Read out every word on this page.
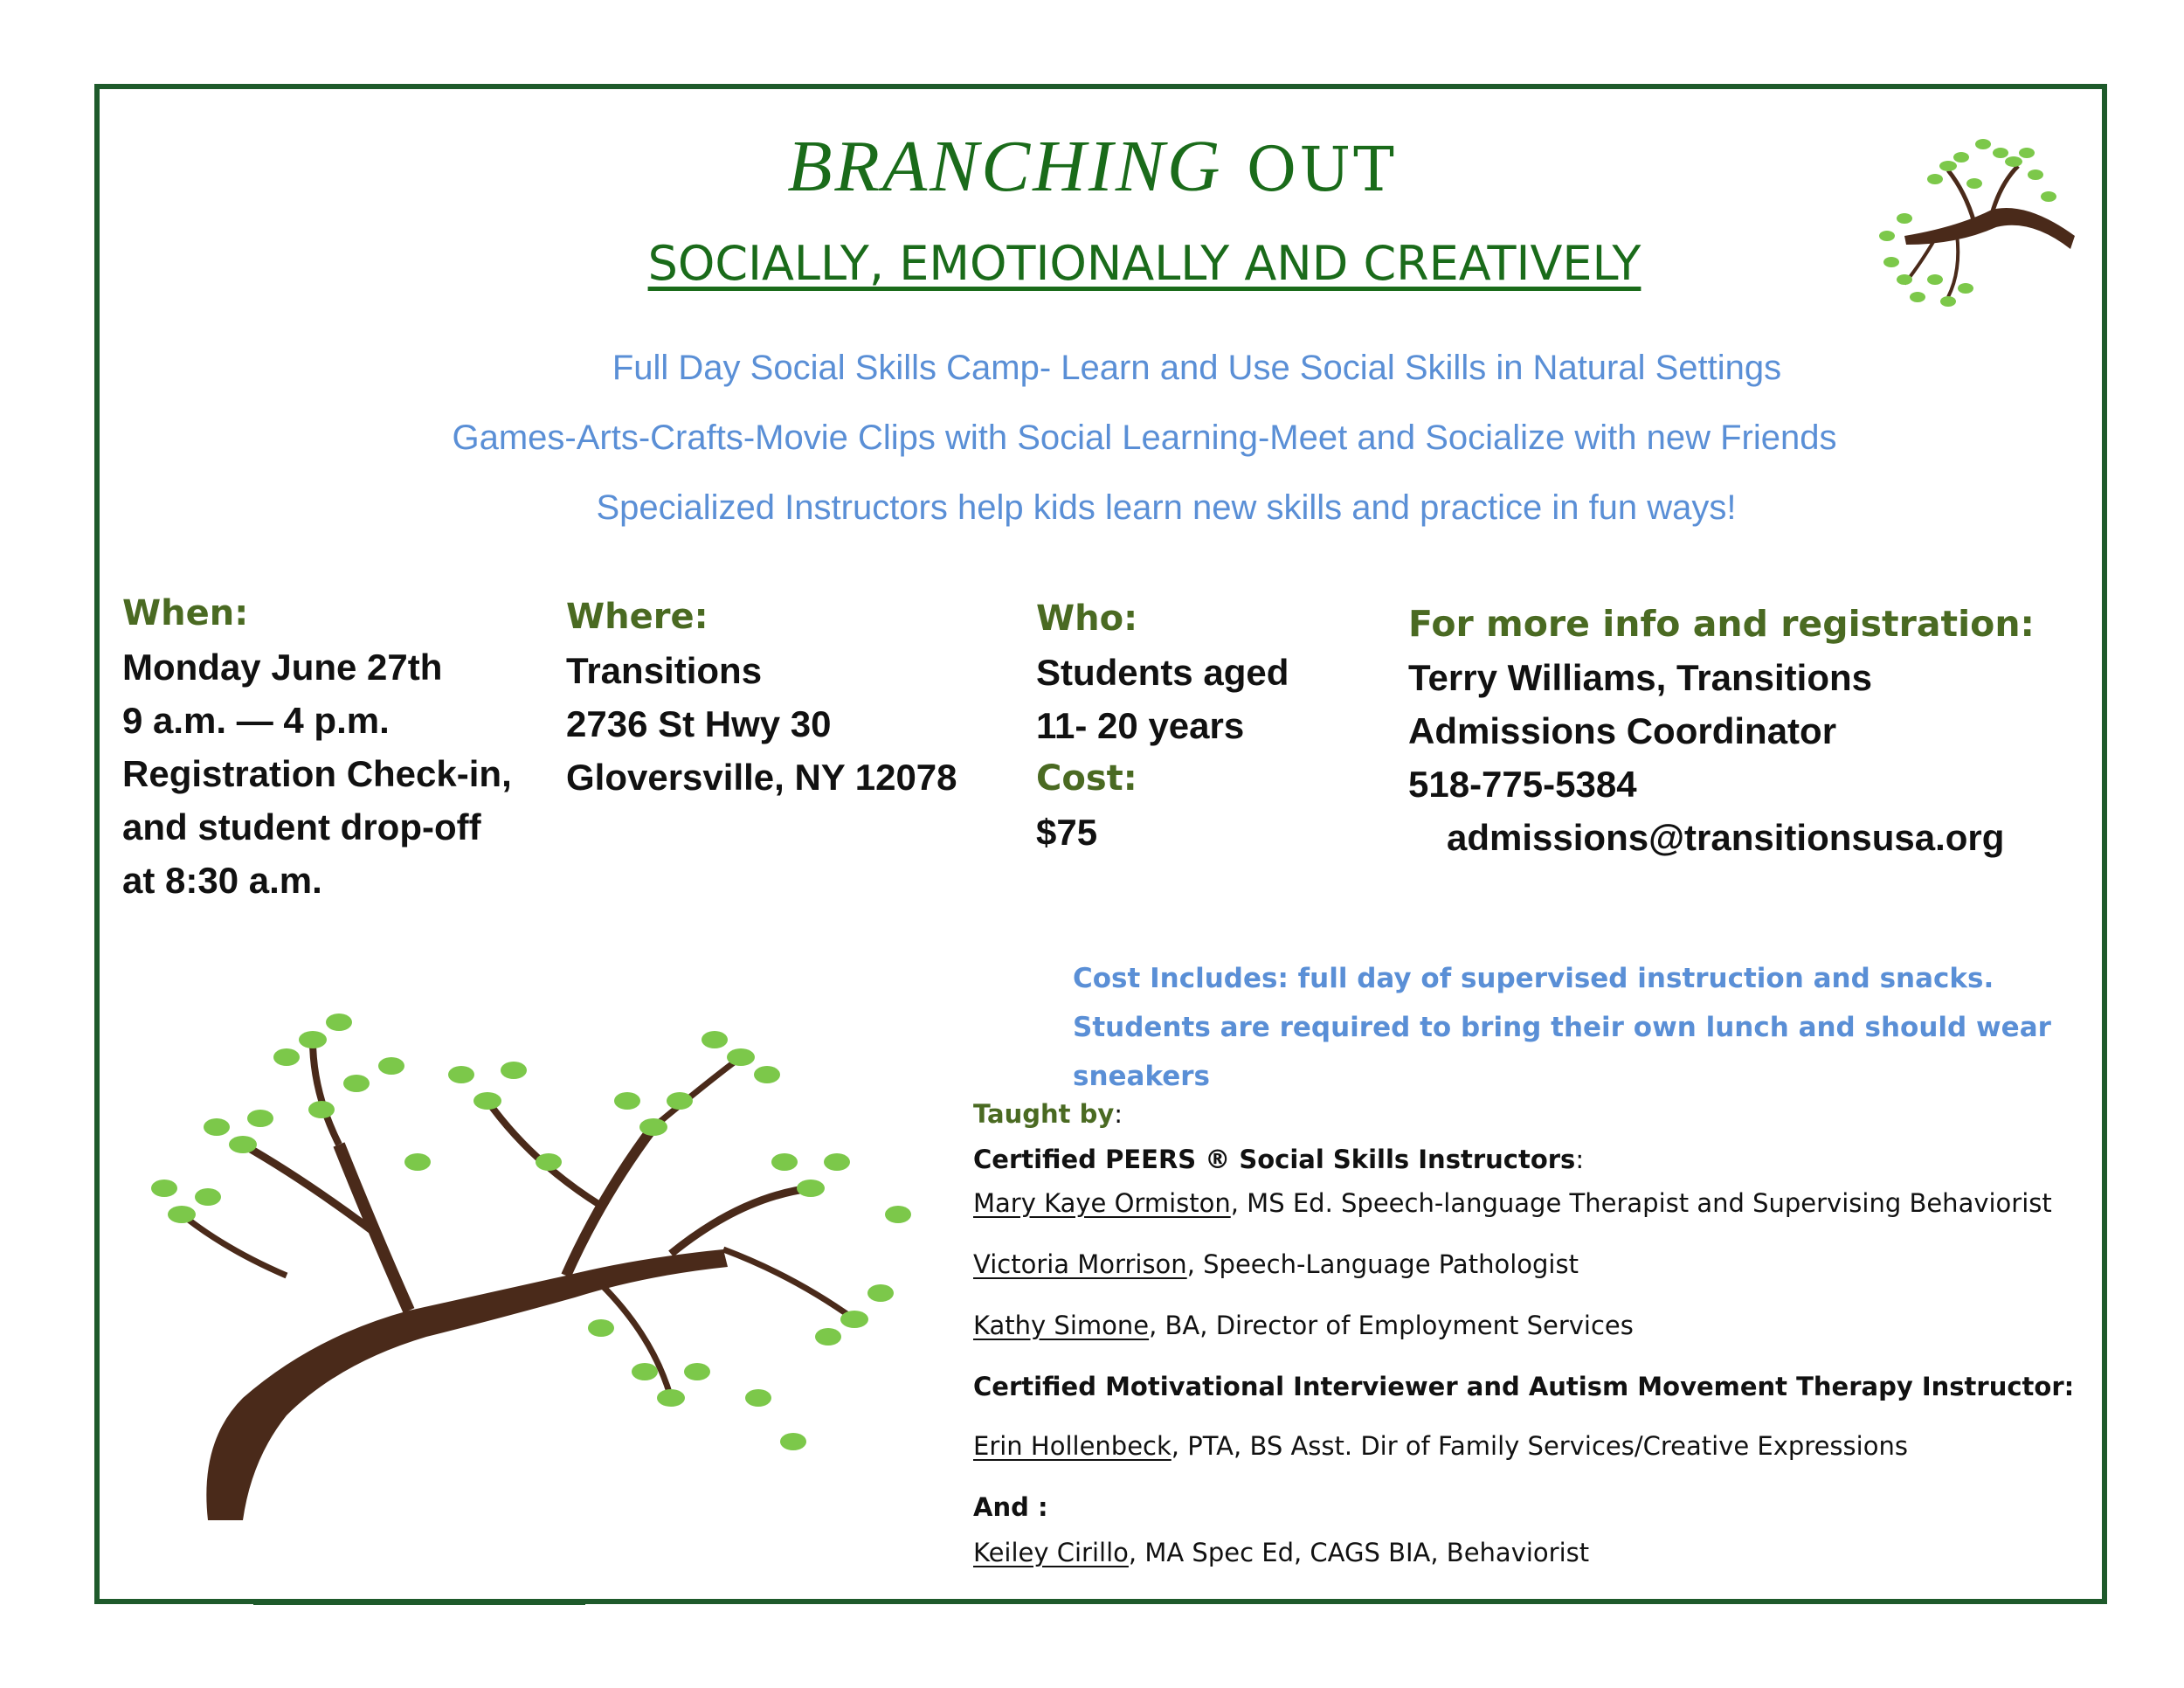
BRANCHING OUT
SOCIALLY, EMOTIONALLY AND CREATIVELY
Full Day Social Skills Camp- Learn and Use Social Skills in Natural Settings
Games-Arts-Crafts-Movie Clips with Social Learning-Meet and Socialize with new Friends
Specialized Instructors help kids learn new skills and practice in fun ways!
When:
Monday June 27th
9 a.m. — 4 p.m.
Registration Check-in,
and student drop-off
at 8:30 a.m.
Where:
Transitions
2736 St Hwy 30
Gloversville, NY 12078
Who:
Students aged
11- 20 years
Cost:
$75
For more info and registration:
Terry Williams, Transitions
Admissions Coordinator
518-775-5384
admissions@transitionsusa.org
Cost Includes: full day of supervised instruction and snacks. Students are required to bring their own lunch and should wear sneakers
Taught by:
Certified PEERS ® Social Skills Instructors:
Mary Kaye Ormiston, MS Ed. Speech-language Therapist and Supervising Behaviorist
Victoria Morrison, Speech-Language Pathologist
Kathy Simone, BA, Director of Employment Services
Certified Motivational Interviewer and Autism Movement Therapy Instructor:
Erin Hollenbeck, PTA, BS Asst. Dir of Family Services/Creative Expressions
And :
Keiley Cirillo, MA Spec Ed, CAGS BIA, Behaviorist
